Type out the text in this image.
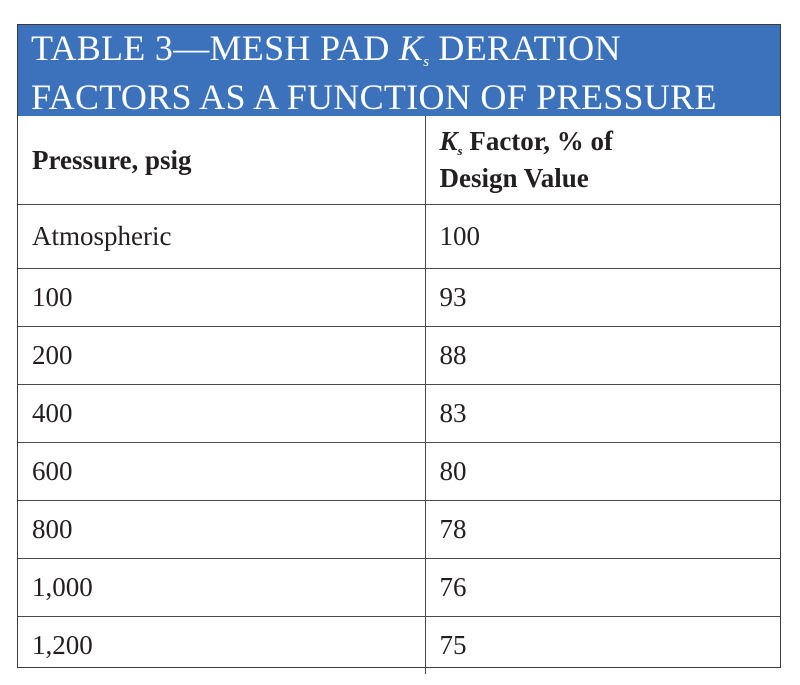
TABLE 3—MESH PAD Ks DERATION
FACTORS AS A FUNCTION OF PRESSURE
Pressure, psig	Ks Factor, % of
Design Value

Atmospheric	100
100	93
200	88
400	83
600	80
800	78
1,000	76
1,200	75
